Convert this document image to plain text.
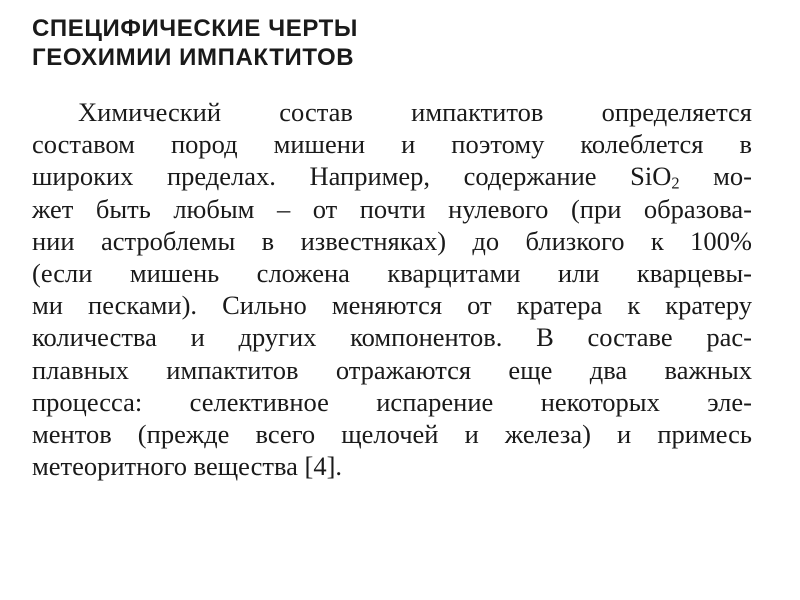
СПЕЦИФИЧЕСКИЕ ЧЕРТЫ
ГЕОХИМИИ ИМПАКТИТОВ
Химический состав импактитов определяется
составом пород мишени и поэтому колеблется в
широких пределах. Например, содержание SiO$_2$ мо-
жет быть любым – от почти нулевого (при образова-
нии астроблемы в известняках) до близкого к 100%
(если мишень сложена кварцитами или кварцевы-
ми песками). Сильно меняются от кратера к кратеру
количества и других компонентов. В составе рас-
плавных импактитов отражаются еще два важных
процесса: селективное испарение некоторых эле-
ментов (прежде всего щелочей и железа) и примесь
метеоритного вещества [4].
